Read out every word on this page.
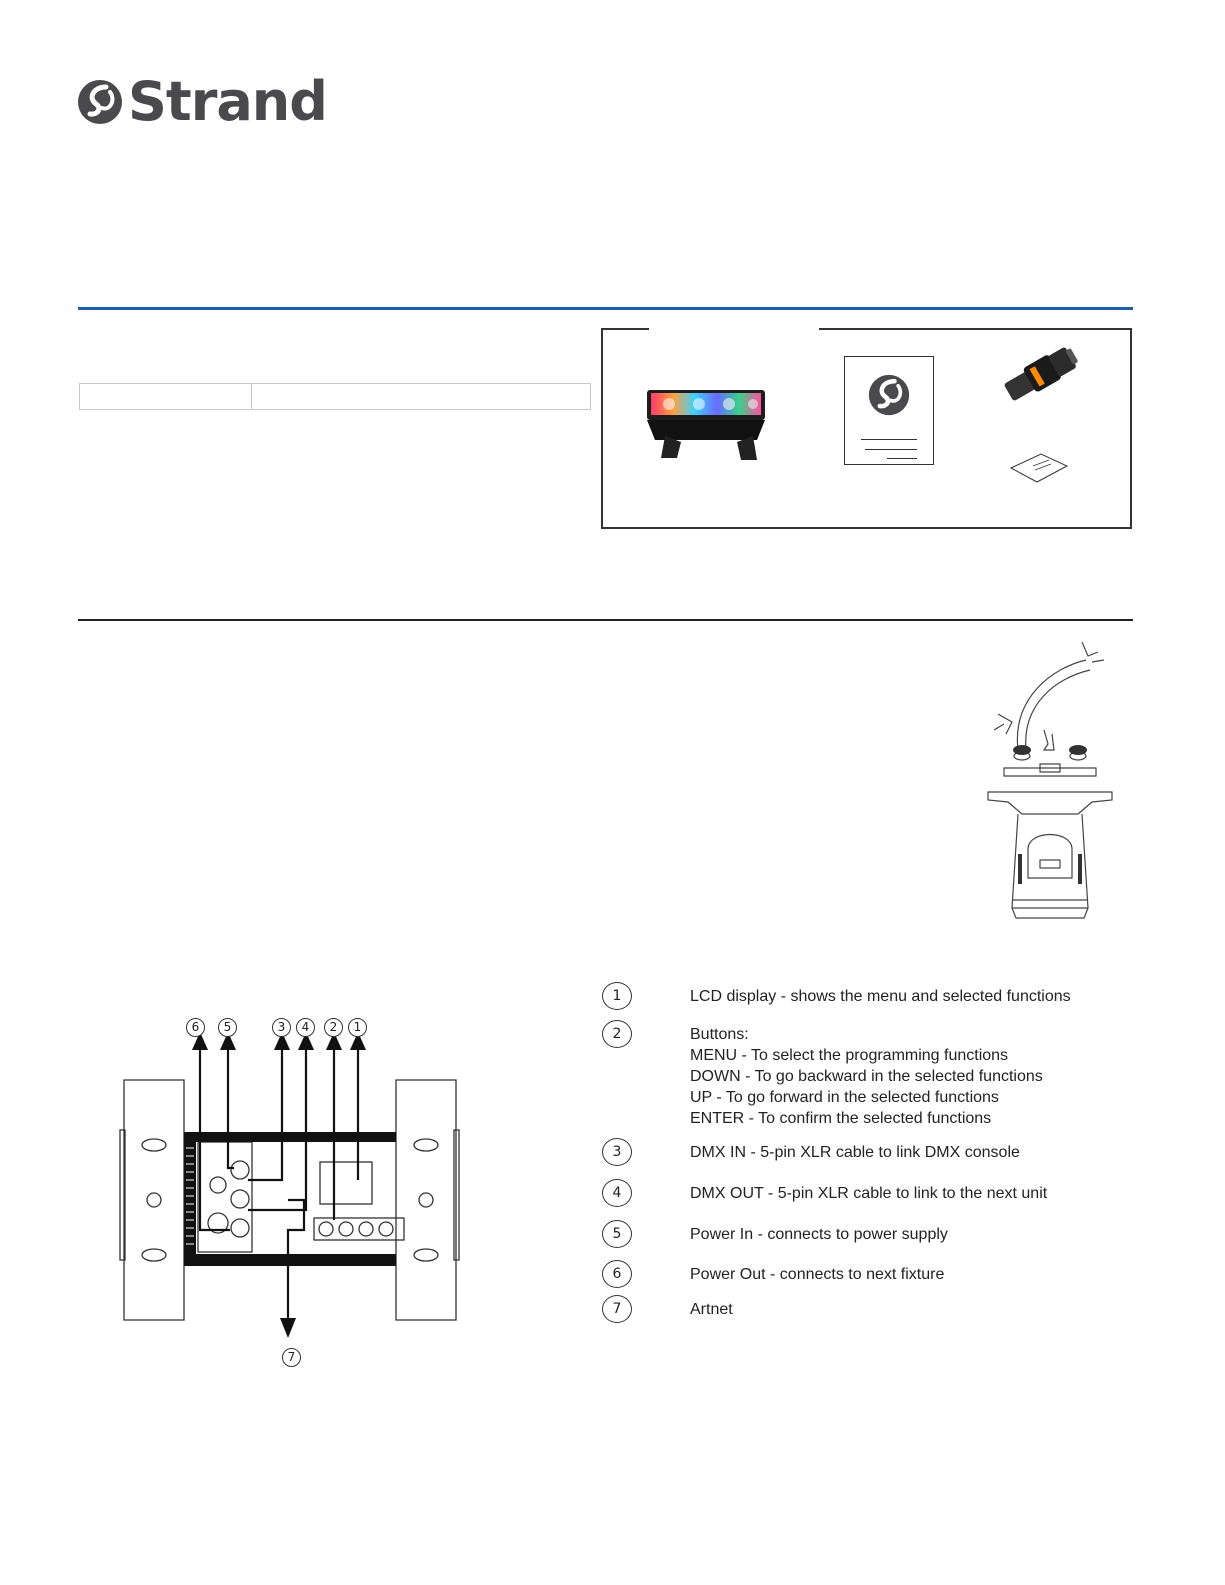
Strand
6	5	3	4	2	1
7
1	LCD display - shows the menu and selected functions
2	Buttons:
MENU - To select the programming functions
DOWN - To go backward in the selected functions
UP - To go forward in the selected functions
ENTER - To confirm the selected functions
3	DMX IN - 5-pin XLR cable to link DMX console
4	DMX OUT - 5-pin XLR cable to link to the next unit
5	Power In - connects to power supply
6	Power Out - connects to next fixture
7	Artnet
